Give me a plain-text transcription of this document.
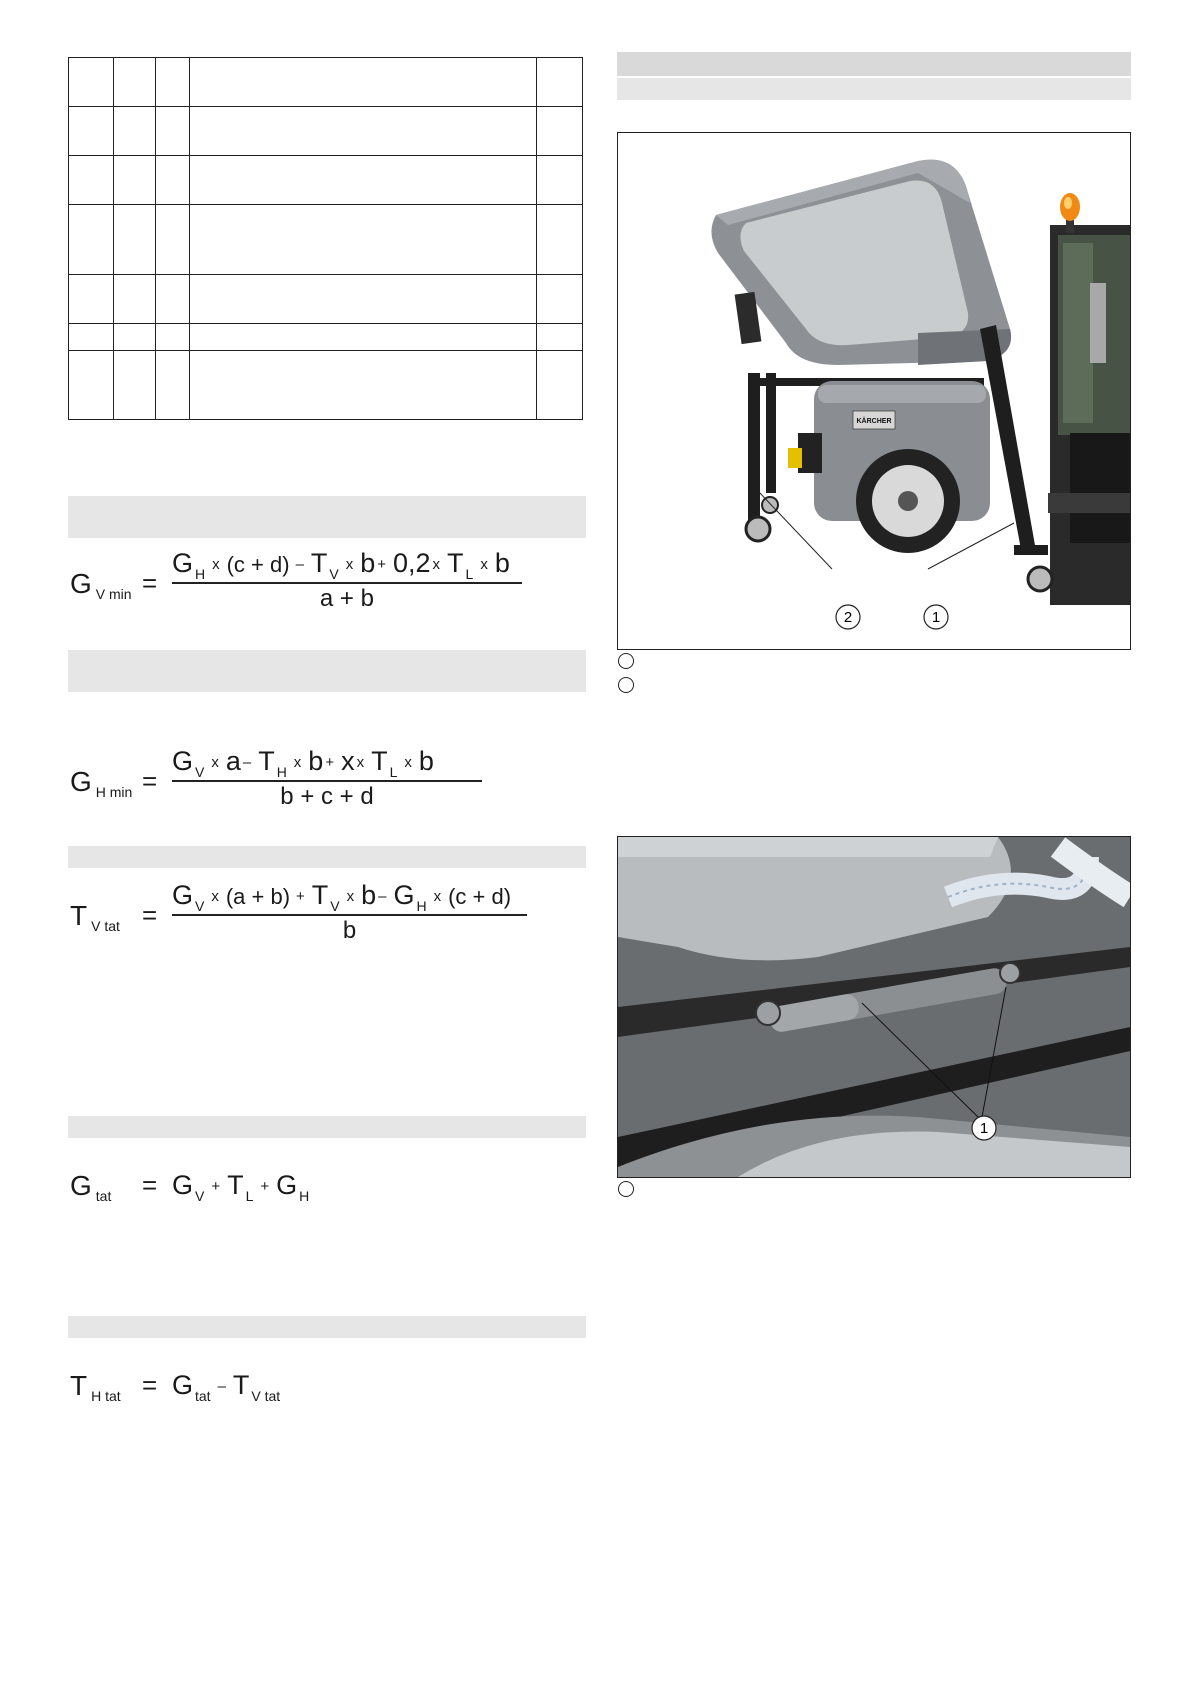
G V min =
G H
x (c + d) – T V
x b + 0,2 x T L
x b
a + b
G H min =
G V
x a – T H
x b + x x T L
x b
b + c + d
T V tat =
G V
x (a + b) + T V
x b – G H
x (c + d)
b
G tat = G V
+ T L
+ G H
T H tat = G tat
– T V tat
KÄRCHER
2	1
1
